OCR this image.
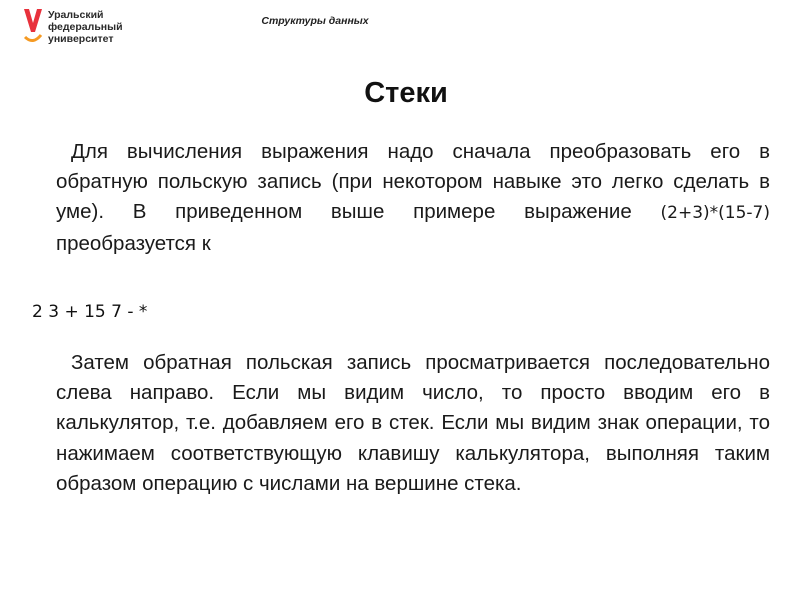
Уральский
федеральный
университет
Структуры данных
Стеки

Для вычисления выражения надо сначала преобразовать его в обратную польскую запись (при некотором навыке это легко сделать в уме). В приведенном выше примере выражение (2+3)*(15-7) преобразуется к

2 3 + 15 7 - *

Затем обратная польская запись просматривается последовательно слева направо. Если мы видим число, то просто вводим его в калькулятор, т.е. добавляем его в стек. Если мы видим знак операции, то нажимаем соответствующую клавишу калькулятора, выполняя таким образом операцию с числами на вершине стека.
